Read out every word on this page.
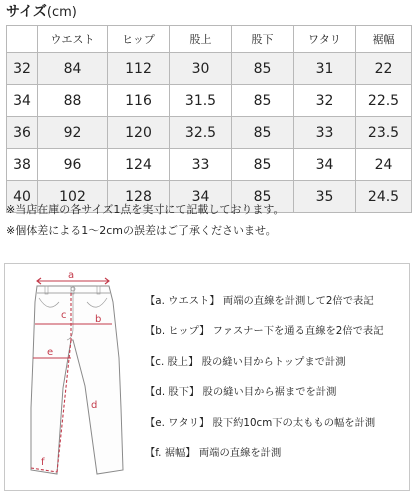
サイズ(cm)
	ウエスト	ヒップ	股上	股下	ワタリ	裾幅
32	84	112	30	85	31	22
34	88	116	31.5	85	32	22.5
36	92	120	32.5	85	33	23.5
38	96	124	33	85	34	24
40	102	128	34	85	35	24.5
※当店在庫の各サイズ1点を実寸にて記載しております。
※個体差による1〜2cmの誤差はご了承くださいませ。
a
b
c
d
e
f
【a. ウエスト】 両端の直線を計測して2倍で表記
【b. ヒップ】 ファスナー下を通る直線を2倍で表記
【c. 股上】 股の縫い目からトップまで計測
【d. 股下】 股の縫い目から裾までを計測
【e. ワタリ】 股下約10cm下の太ももの幅を計測
【f. 裾幅】 両端の直線を計測
